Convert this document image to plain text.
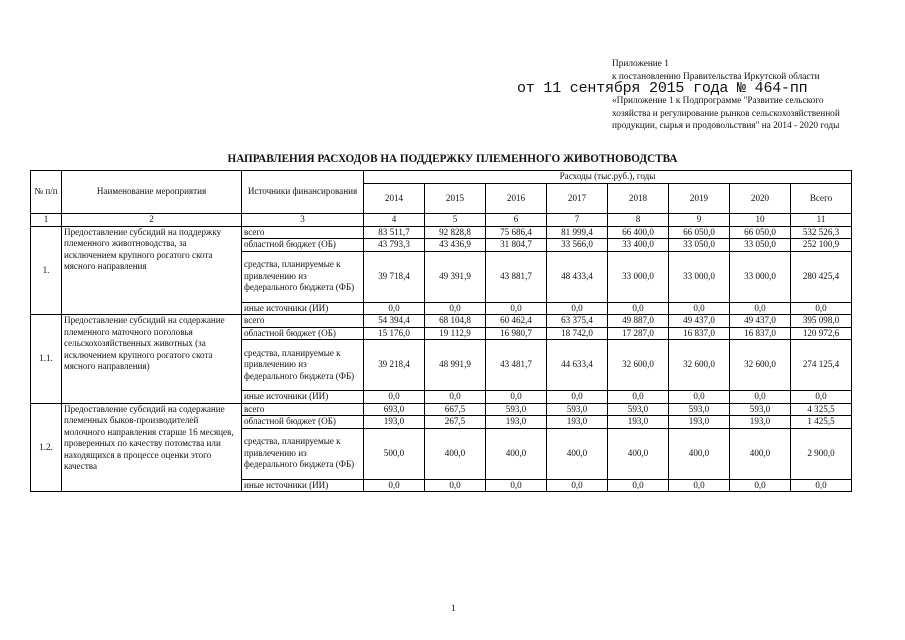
Приложение 1
к постановлению Правительства Иркутской области
от 11 сентября 2015 года № 464-пп
«Приложение 1 к Подпрограмме "Развитие сельского хозяйства и регулирование рынков сельскохозяйственной продукции, сырья и продовольствия" на 2014 - 2020 годы
НАПРАВЛЕНИЯ РАСХОДОВ НА ПОДДЕРЖКУ ПЛЕМЕННОГО ЖИВОТНОВОДСТВА
№ п/п	Наименование мероприятия	Источники финансирования	Расходы (тыс.руб.), годы							
			2014	2015	2016	2017	2018	2019	2020	Всего
1	2	3	4	5	6	7	8	9	10	11
1.	Предоставление субсидий на поддержку племенного животноводства, за исключением крупного рогатого скота мясного направления	всего	83 511,7	92 828,8	75 686,4	81 999,4	66 400,0	66 050,0	66 050,0	532 526,3
		областной бюджет (ОБ)	43 793,3	43 436,9	31 804,7	33 566,0	33 400,0	33 050,0	33 050,0	252 100,9
		средства, планируемые к привлечению из федерального бюджета (ФБ)	39 718,4	49 391,9	43 881,7	48 433,4	33 000,0	33 000,0	33 000,0	280 425,4
		иные источники (ИИ)	0,0	0,0	0,0	0,0	0,0	0,0	0,0	0,0
1.1.	Предоставление субсидий на содержание племенного маточного поголовья сельскохозяйственных животных (за исключением крупного рогатого скота мясного направления)	всего	54 394,4	68 104,8	60 462,4	63 375,4	49 887,0	49 437,0	49 437,0	395 098,0
		областной бюджет (ОБ)	15 176,0	19 112,9	16 980,7	18 742,0	17 287,0	16 837,0	16 837,0	120 972,6
		средства, планируемые к привлечению из федерального бюджета (ФБ)	39 218,4	48 991,9	43 481,7	44 633,4	32 600,0	32 600,0	32 600,0	274 125,4
		иные источники (ИИ)	0,0	0,0	0,0	0,0	0,0	0,0	0,0	0,0
1.2.	Предоставление субсидий на содержание племенных быков-производителей молочного направления старше 16 месяцев, проверенных по качеству потомства или находящихся в процессе оценки этого качества	всего	693,0	667,5	593,0	593,0	593,0	593,0	593,0	4 325,5
		областной бюджет (ОБ)	193,0	267,5	193,0	193,0	193,0	193,0	193,0	1 425,5
		средства, планируемые к привлечению из федерального бюджета (ФБ)	500,0	400,0	400,0	400,0	400,0	400,0	400,0	2 900,0
		иные источники (ИИ)	0,0	0,0	0,0	0,0	0,0	0,0	0,0	0,0
1
